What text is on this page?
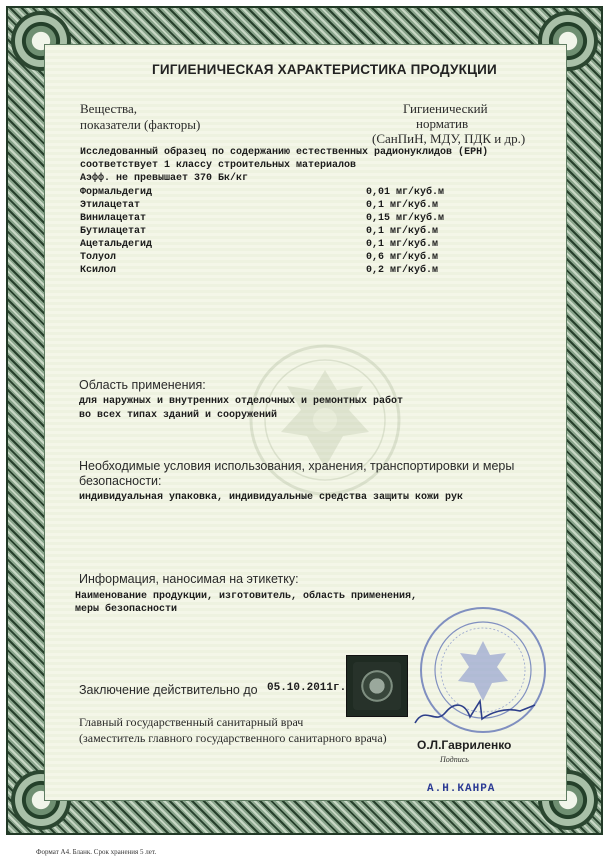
ГИГИЕНИЧЕСКАЯ ХАРАКТЕРИСТИКА ПРОДУКЦИИ
Вещества,
показатели (факторы)
Гигиенический
норматив
(СанПиН, МДУ, ПДК и др.)
Исследованный образец по содержанию естественных радионуклидов (ЕРН)
соответствует 1 классу строительных материалов
Аэфф. не превышает 370 Бк/кг
Формальдегид	0,01 мг/куб.м
Этилацетат	0,1 мг/куб.м
Винилацетат	0,15 мг/куб.м
Бутилацетат	0,1 мг/куб.м
Ацетальдегид	0,1 мг/куб.м
Толуол	0,6 мг/куб.м
Ксилол	0,2 мг/куб.м
Область применения:
для наружных и внутренних отделочных и ремонтных работ
во всех типах зданий и сооружений
Необходимые условия использования, хранения, транспортировки и меры
безопасности:
индивидуальная упаковка, индивидуальные средства защиты кожи рук
Информация, наносимая на этикетку:
Наименование продукции, изготовитель, область применения,
меры безопасности
Заключение действительно до 05.10.2011г.
Главный государственный санитарный врач
(заместитель главного государственного санитарного врача)	О.Л.Гавриленко
Подпись
А.Н.КАНРА
Формат А4. Бланк. Срок хранения 5 лет.
